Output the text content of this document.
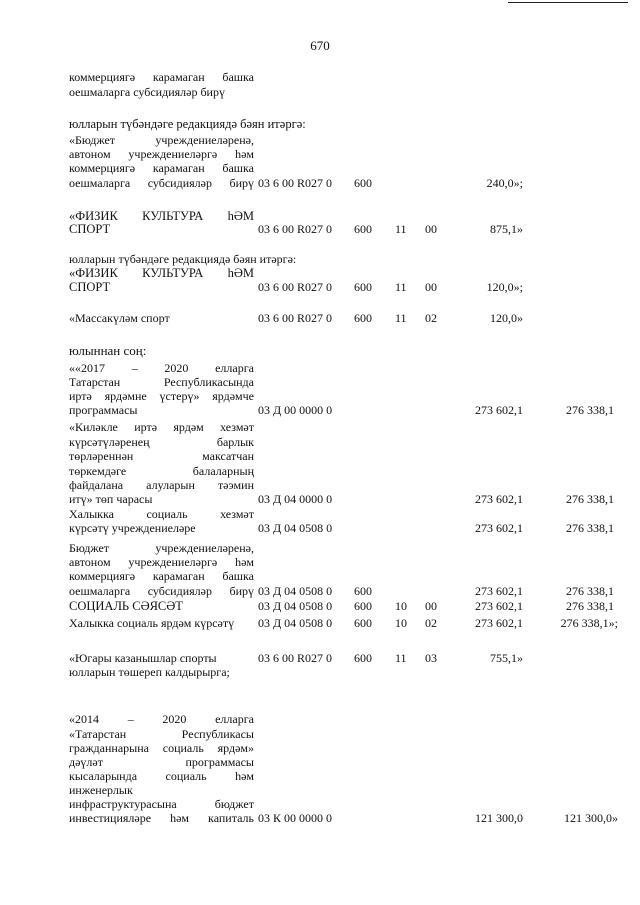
670
коммерциягә карамаган башка
оешмаларга субсидияләр бирү
юлларын түбәндәге редакциядә бәян итәргә:
«Бюджет учреждениеләренә,
автоном учреждениеләргә һәм
коммерциягә карамаган башка
оешмаларга субсидияләр бирү 03 6 00 R027 0 600	240,0»;
«ФИЗИК КУЛЬТУРА һӘМ
СПОРТ	03 6 00 R027 0 600 11 00	875,1»
юлларын түбәндәге редакциядә бәян итәргә:
«ФИЗИК КУЛЬТУРА һӘМ
СПОРТ	03 6 00 R027 0 600 11 00	120,0»;
«Массакүләм спорт	03 6 00 R027 0 600 11 02	120,0»
юлыннан соң:
««2017 – 2020 елларга
Татарстан Республикасында
иртә ярдәмне үстерү» ярдәмче
программасы	03 Д 00 0000 0	273 602,1	276 338,1
«Киләкле иртә ярдәм хезмәт
күрсәтүләренең барлык
төрләреннән максатчан
төркемдәге балаларның
файдалана алуларын тәэмин
итү» төп чарасы	03 Д 04 0000 0	273 602,1	276 338,1
Халыкка социаль хезмәт
күрсәтү учреждениеләре	03 Д 04 0508 0	273 602,1	276 338,1
Бюджет учреждениеләренә,
автоном учреждениеләргә һәм
коммерциягә карамаган башка
оешмаларга субсидияләр бирү 03 Д 04 0508 0 600	273 602,1	276 338,1
СОЦИАЛЬ СӘЯСӘТ	03 Д 04 0508 0 600 10 00	273 602,1	276 338,1
Халыкка социаль ярдәм күрсәтү 03 Д 04 0508 0 600 10 02	273 602,1	276 338,1»;
«Югары казанышлар спорты	03 6 00 R027 0 600 11 03	755,1»
юлларын төшереп калдырырга;
«2014 – 2020 елларга
«Татарстан Республикасы
гражданнарына социаль ярдәм»
дәүләт программасы
кысаларында социаль һәм
инженерлык
инфраструктурасына бюджет
инвестицияләре һәм капиталь 03 К 00 0000 0	121 300,0	121 300,0»
